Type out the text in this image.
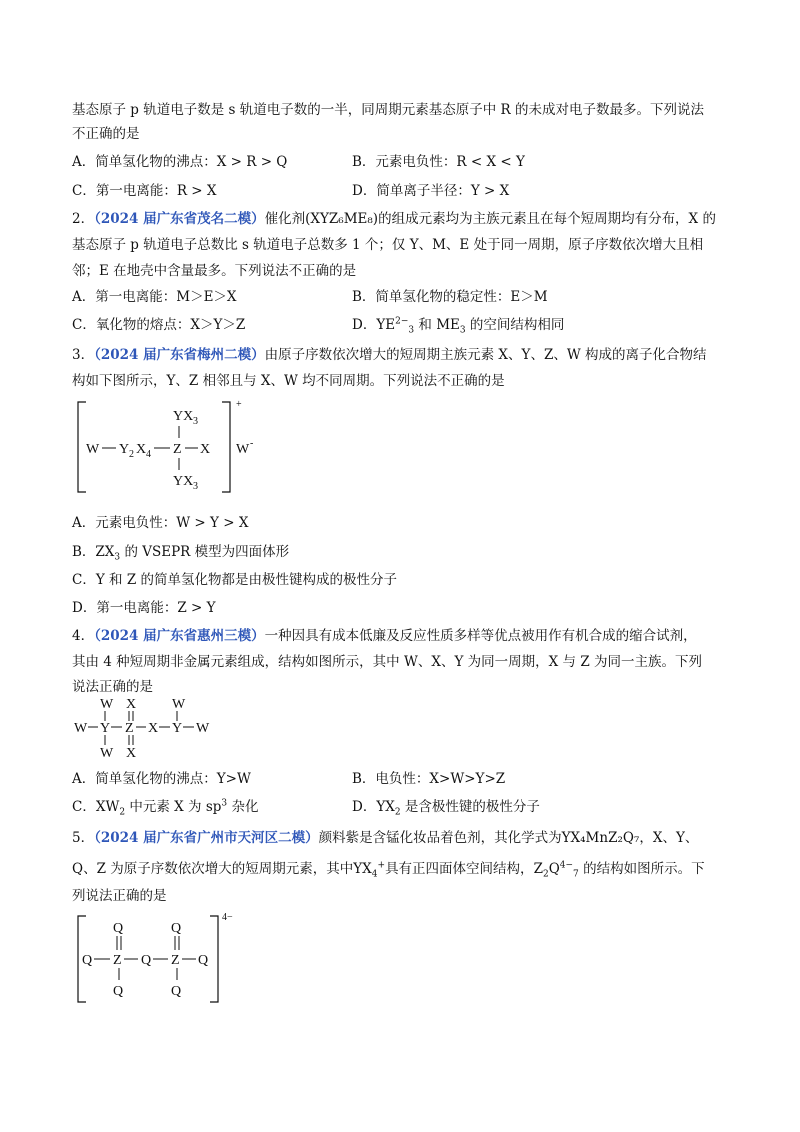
基态原子 p 轨道电子数是 s 轨道电子数的一半，同周期元素基态原子中 R 的未成对电子数最多。下列说法
不正确的是
A．简单氢化物的沸点：X > R > Q	B．元素电负性：R < X < Y
C．第一电离能：R > X	D．简单离子半径：Y > X
2．（2024 届广东省茂名二模）催化剂(XYZ₆ME₈)的组成元素均为主族元素且在每个短周期均有分布，X 的
基态原子 p 轨道电子总数比 s 轨道电子总数多 1 个；仅 Y、M、E 处于同一周期，原子序数依次增大且相
邻；E 在地壳中含量最多。下列说法不正确的是
A．第一电离能：M＞E＞X	B．简单氢化物的稳定性：E＞M
C．氧化物的熔点：X＞Y＞Z	D．$YE^{2-}_3$ 和 $ME_3$ 的空间结构相同
3．（2024 届广东省梅州二模）由原子序数依次增大的短周期主族元素 X、Y、Z、W 构成的离子化合物结
构如下图所示，Y、Z 相邻且与 X、W 均不同周期。下列说法不正确的是
+
YX 3
W Y 2 X 4 Z X
YX 3
W -
A．元素电负性：W > Y > X
B．$ZX_3$ 的 VSEPR 模型为四面体形
C．Y 和 Z 的简单氢化物都是由极性键构成的极性分子
D．第一电离能：Z > Y
4．（2024 届广东省惠州三模）一种因具有成本低廉及反应性质多样等优点被用作有机合成的缩合试剂，
其由 4 种短周期非金属元素组成，结构如图所示，其中 W、X、Y 为同一周期，X 与 Z 为同一主族。下列
说法正确的是
W X	W
W Y Z X Y W
W X
A．简单氢化物的沸点：Y>W	B．电负性：X>W>Y>Z
C．$XW_2$ 中元素 X 为 $sp^3$ 杂化	D．$YX_2$ 是含极性键的极性分子
5．（2024 届广东省广州市天河区二模）颜料紫是含锰化妆品着色剂，其化学式为YX₄MnZ₂Q₇，X、Y、
Q、Z 为原子序数依次增大的短周期元素，其中$YX_4^+$具有正四面体空间结构，$Z_2Q^{4-}_7$ 的结构如图所示。下
列说法正确的是
4−
Q	Q
Q Z Q Z Q
Q	Q
